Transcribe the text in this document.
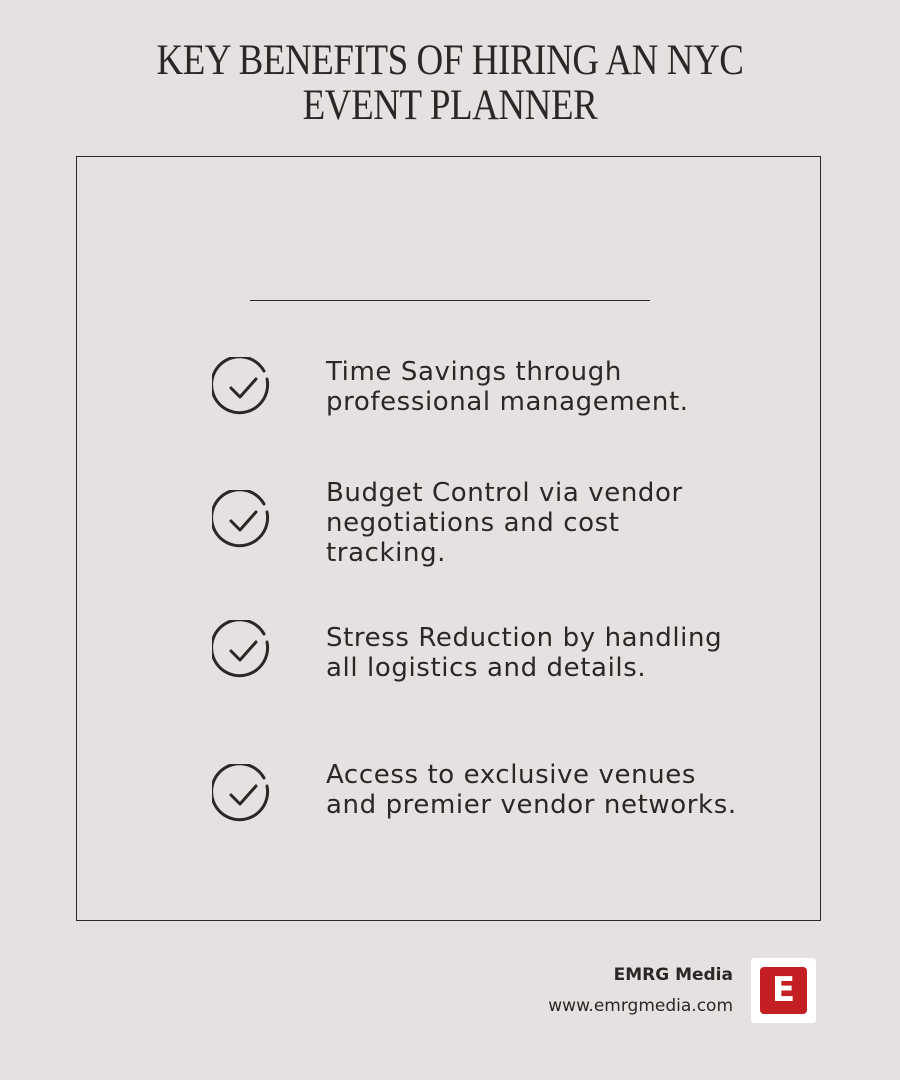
KEY BENEFITS OF HIRING AN NYC
EVENT PLANNER
Time Savings through professional management.
Budget Control via vendor negotiations and cost tracking.
Stress Reduction by handling all logistics and details.
Access to exclusive venues and premier vendor networks.
EMRG Media
www.emrgmedia.com	E
